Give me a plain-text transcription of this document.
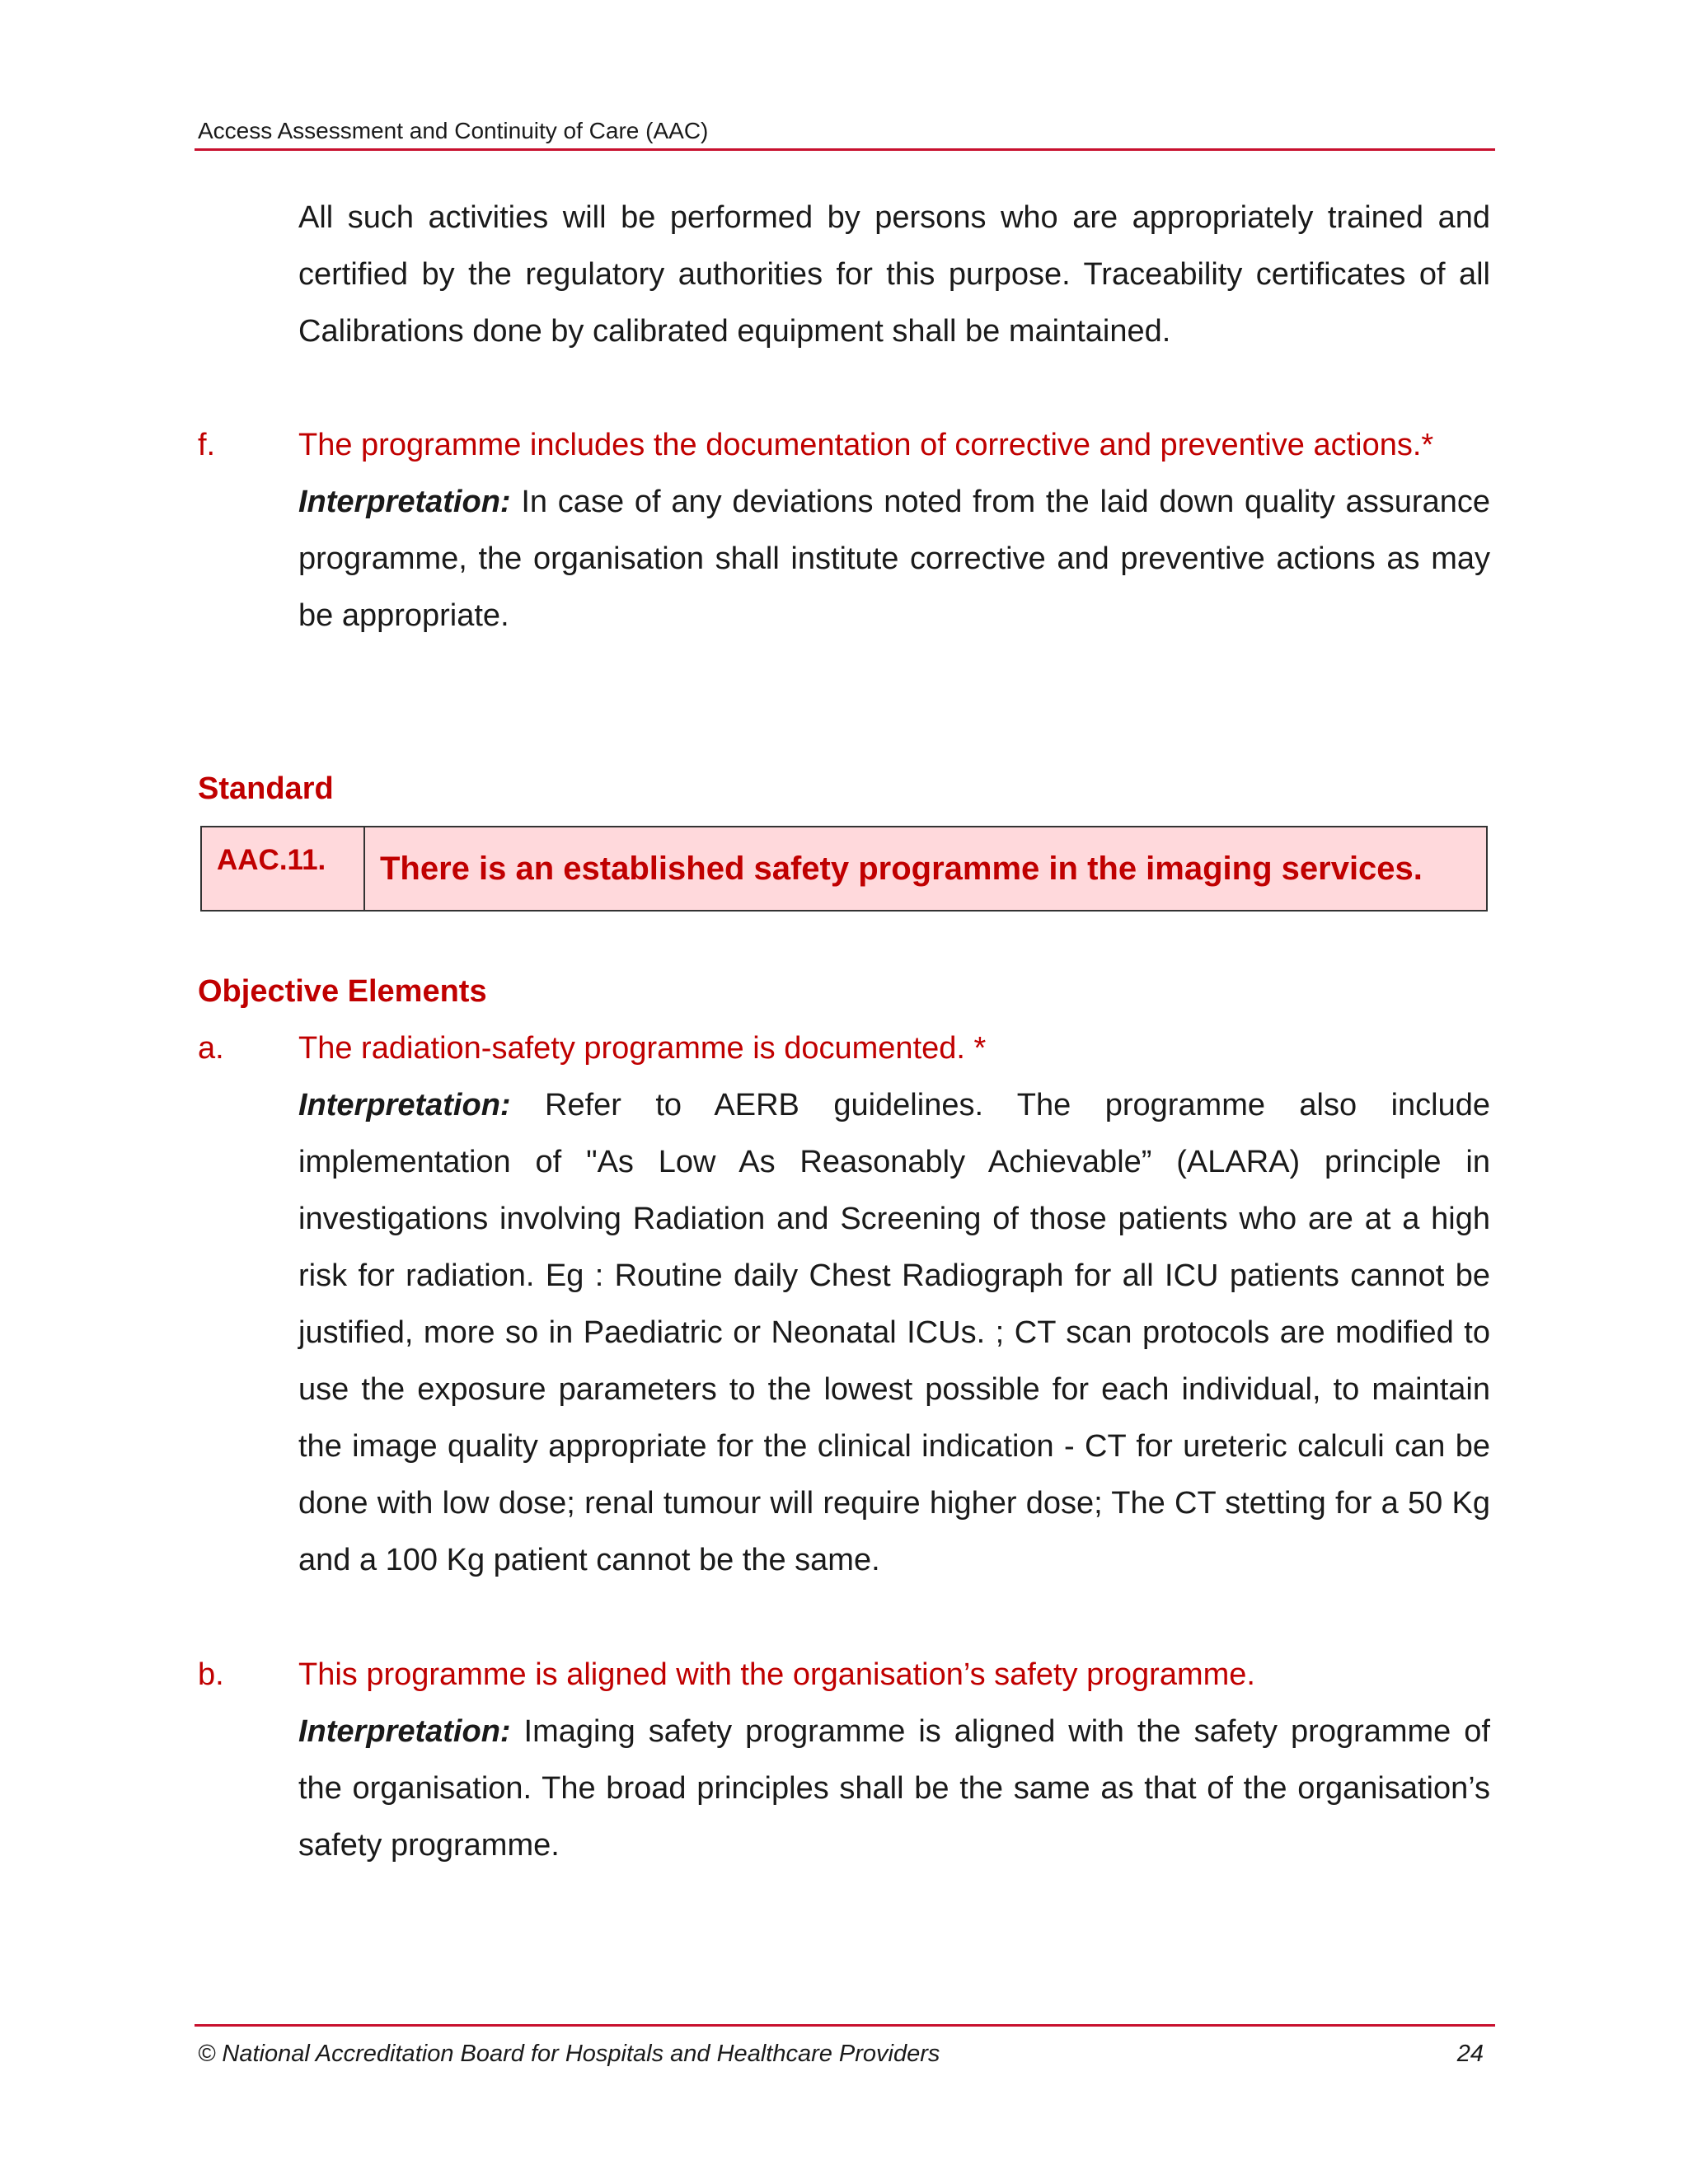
Access Assessment and Continuity of Care (AAC)
All such activities will be performed by persons who are appropriately trained and certified by the regulatory authorities for this purpose. Traceability certificates of all Calibrations done by calibrated equipment shall be maintained.
f.	The programme includes the documentation of corrective and preventive actions.*
Interpretation: In case of any deviations noted from the laid down quality assurance programme, the organisation shall institute corrective and preventive actions as may be appropriate.
Standard
AAC.11.	There is an established safety programme in the imaging services.
Objective Elements
a. The radiation-safety programme is documented. *
Interpretation: Refer to AERB guidelines. The programme also include implementation of "As Low As Reasonably Achievable” (ALARA) principle in investigations involving Radiation and Screening of those patients who are at a high risk for radiation. Eg : Routine daily Chest Radiograph for all ICU patients cannot be justified, more so in Paediatric or Neonatal ICUs. ; CT scan protocols are modified to use the exposure parameters to the lowest possible for each individual, to maintain the image quality appropriate for the clinical indication - CT for ureteric calculi can be done with low dose; renal tumour will require higher dose; The CT stetting for a 50 Kg and a 100 Kg patient cannot be the same.
b. This programme is aligned with the organisation’s safety programme.
Interpretation: Imaging safety programme is aligned with the safety programme of the organisation. The broad principles shall be the same as that of the organisation’s safety programme.
© National Accreditation Board for Hospitals and Healthcare Providers	24
